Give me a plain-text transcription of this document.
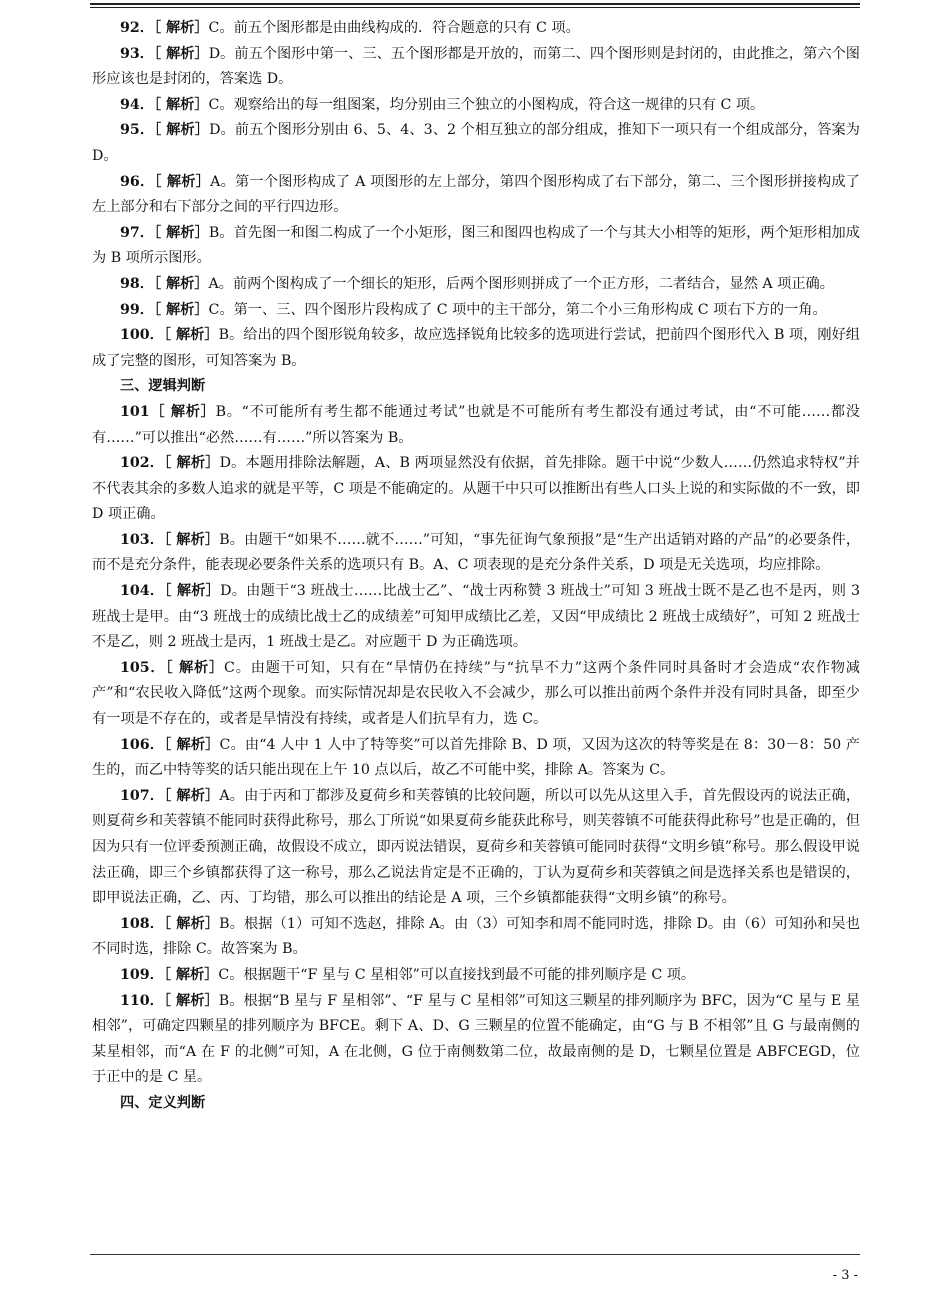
92．［ 解析］C。前五个图形都是由曲线构成的．符合题意的只有 C 项。

93．［ 解析］D。前五个图形中第一、三、五个图形都是开放的，而第二、四个图形则是封闭的，由此推之，第六个图形应该也是封闭的，答案选 D。

94．［ 解析］C。观察给出的每一组图案，均分别由三个独立的小图构成，符合这一规律的只有 C 项。

95．［ 解析］D。前五个图形分别由 6、5、4、3、2 个相互独立的部分组成，推知下一项只有一个组成部分，答案为 D。

96．［ 解析］A。第一个图形构成了 A 项图形的左上部分，第四个图形构成了右下部分，第二、三个图形拼接构成了左上部分和右下部分之间的平行四边形。

97．［ 解析］B。首先图一和图二构成了一个小矩形，图三和图四也构成了一个与其大小相等的矩形，两个矩形相加成为 B 项所示图形。

98．［ 解析］A。前两个图构成了一个细长的矩形，后两个图形则拼成了一个正方形，二者结合，显然 A 项正确。

99．［ 解析］C。第一、三、四个图形片段构成了 C 项中的主干部分，第二个小三角形构成 C 项右下方的一角。

100．［ 解析］B。给出的四个图形锐角较多，故应选择锐角比较多的选项进行尝试，把前四个图形代入 B 项，刚好组成了完整的图形，可知答案为 B。

三、逻辑判断

101［ 解析］B。“不可能所有考生都不能通过考试”也就是不可能所有考生都没有通过考试，由“不可能……都没有……”可以推出“必然……有……”所以答案为 B。

102．［ 解析］D。本题用排除法解题，A、B 两项显然没有依据，首先排除。题干中说“少数人……仍然追求特权”并不代表其余的多数人追求的就是平等，C 项是不能确定的。从题干中只可以推断出有些人口头上说的和实际做的不一致，即 D 项正确。

103．［ 解析］B。由题干“如果不……就不……”可知，“事先征询气象预报”是“生产出适销对路的产品”的必要条件，而不是充分条件，能表现必要条件关系的选项只有 B。A、C 项表现的是充分条件关系，D 项是无关选项，均应排除。

104．［ 解析］D。由题干“3 班战士……比战士乙”、“战士丙称赞 3 班战士”可知 3 班战士既不是乙也不是丙，则 3 班战士是甲。由“3 班战士的成绩比战士乙的成绩差”可知甲成绩比乙差，又因“甲成绩比 2 班战士成绩好”，可知 2 班战士不是乙，则 2 班战士是丙，1 班战士是乙。对应题干 D 为正确选项。

105．［ 解析］C。由题干可知，只有在“旱情仍在持续”与“抗旱不力”这两个条件同时具备时才会造成“农作物减产”和“农民收入降低”这两个现象。而实际情况却是农民收入不会减少，那么可以推出前两个条件并没有同时具备，即至少有一项是不存在的，或者是旱情没有持续，或者是人们抗旱有力，选 C。

106．［ 解析］C。由“4 人中 1 人中了特等奖”可以首先排除 B、D 项，又因为这次的特等奖是在 8：30－8：50 产生的，而乙中特等奖的话只能出现在上午 10 点以后，故乙不可能中奖，排除 A。答案为 C。

107．［ 解析］A。由于丙和丁都涉及夏荷乡和芙蓉镇的比较问题，所以可以先从这里入手，首先假设丙的说法正确，则夏荷乡和芙蓉镇不能同时获得此称号，那么丁所说“如果夏荷乡能获此称号，则芙蓉镇不可能获得此称号”也是正确的，但因为只有一位评委预测正确，故假设不成立，即丙说法错误，夏荷乡和芙蓉镇可能同时获得“文明乡镇”称号。那么假设甲说法正确，即三个乡镇都获得了这一称号，那么乙说法肯定是不正确的，丁认为夏荷乡和芙蓉镇之间是选择关系也是错误的，即甲说法正确，乙、丙、丁均错，那么可以推出的结论是 A 项，三个乡镇都能获得“文明乡镇”的称号。

108．［ 解析］B。根据（1）可知不选赵，排除 A。由（3）可知李和周不能同时选，排除 D。由（6）可知孙和吴也不同时选，排除 C。故答案为 B。

109．［ 解析］C。根据题干“F 星与 C 星相邻”可以直接找到最不可能的排列顺序是 C 项。

110．［ 解析］B。根据“B 星与 F 星相邻”、“F 星与 C 星相邻”可知这三颗星的排列顺序为 BFC，因为“C 星与 E 星相邻”，可确定四颗星的排列顺序为 BFCE。剩下 A、D、G 三颗星的位置不能确定，由“G 与 B 不相邻”且 G 与最南侧的某星相邻，而“A 在 F 的北侧”可知，A 在北侧，G 位于南侧数第二位，故最南侧的是 D，七颗星位置是 ABFCEGD，位于正中的是 C 星。

四、定义判断

- 3 -
